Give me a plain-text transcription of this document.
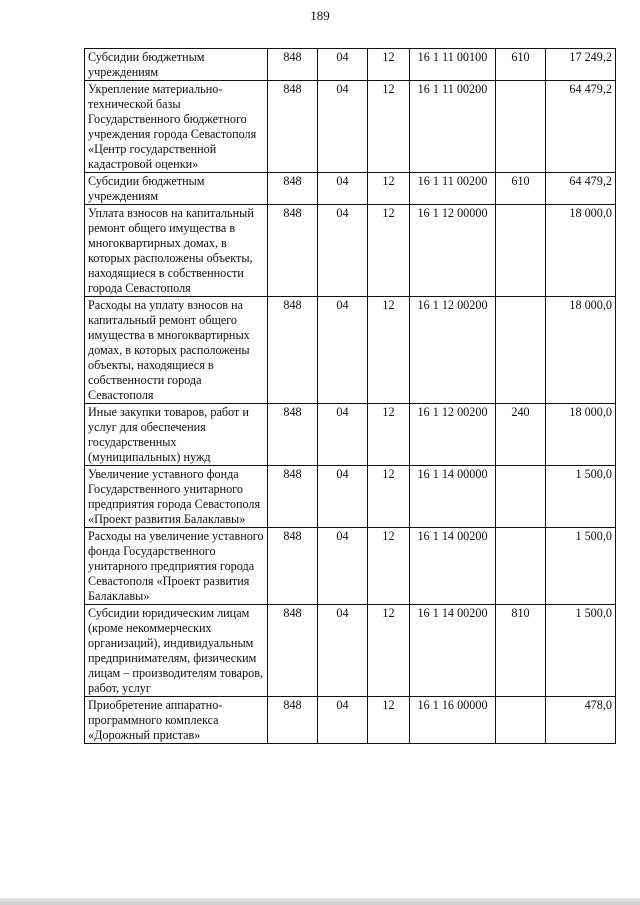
189
Субсидии бюджетным учреждениям	848	04	12	16 1 11 00100	610	17 249,2
Укрепление материально-технической базы Государственного бюджетного учреждения города Севастополя «Центр государственной кадастровой оценки»	848	04	12	16 1 11 00200		64 479,2
Субсидии бюджетным учреждениям	848	04	12	16 1 11 00200	610	64 479,2
Уплата взносов на капитальный ремонт общего имущества в многоквартирных домах, в которых расположены объекты, находящиеся в собственности города Севастополя	848	04	12	16 1 12 00000		18 000,0
Расходы на уплату взносов на капитальный ремонт общего имущества в многоквартирных домах, в которых расположены объекты, находящиеся в собственности города Севастополя	848	04	12	16 1 12 00200		18 000,0
Иные закупки товаров, работ и услуг для обеспечения государственных (муниципальных) нужд	848	04	12	16 1 12 00200	240	18 000,0
Увеличение уставного фонда Государственного унитарного предприятия города Севастополя «Проект развития Балаклавы»	848	04	12	16 1 14 00000		1 500,0
Расходы на увеличение уставного фонда Государственного унитарного предприятия города Севастополя «Проект развития Балаклавы»	848	04	12	16 1 14 00200		1 500,0
Субсидии юридическим лицам (кроме некоммерческих организаций), индивидуальным предпринимателям, физическим лицам – производителям товаров, работ, услуг	848	04	12	16 1 14 00200	810	1 500,0
Приобретение аппаратно-программного комплекса «Дорожный пристав»	848	04	12	16 1 16 00000		478,0
